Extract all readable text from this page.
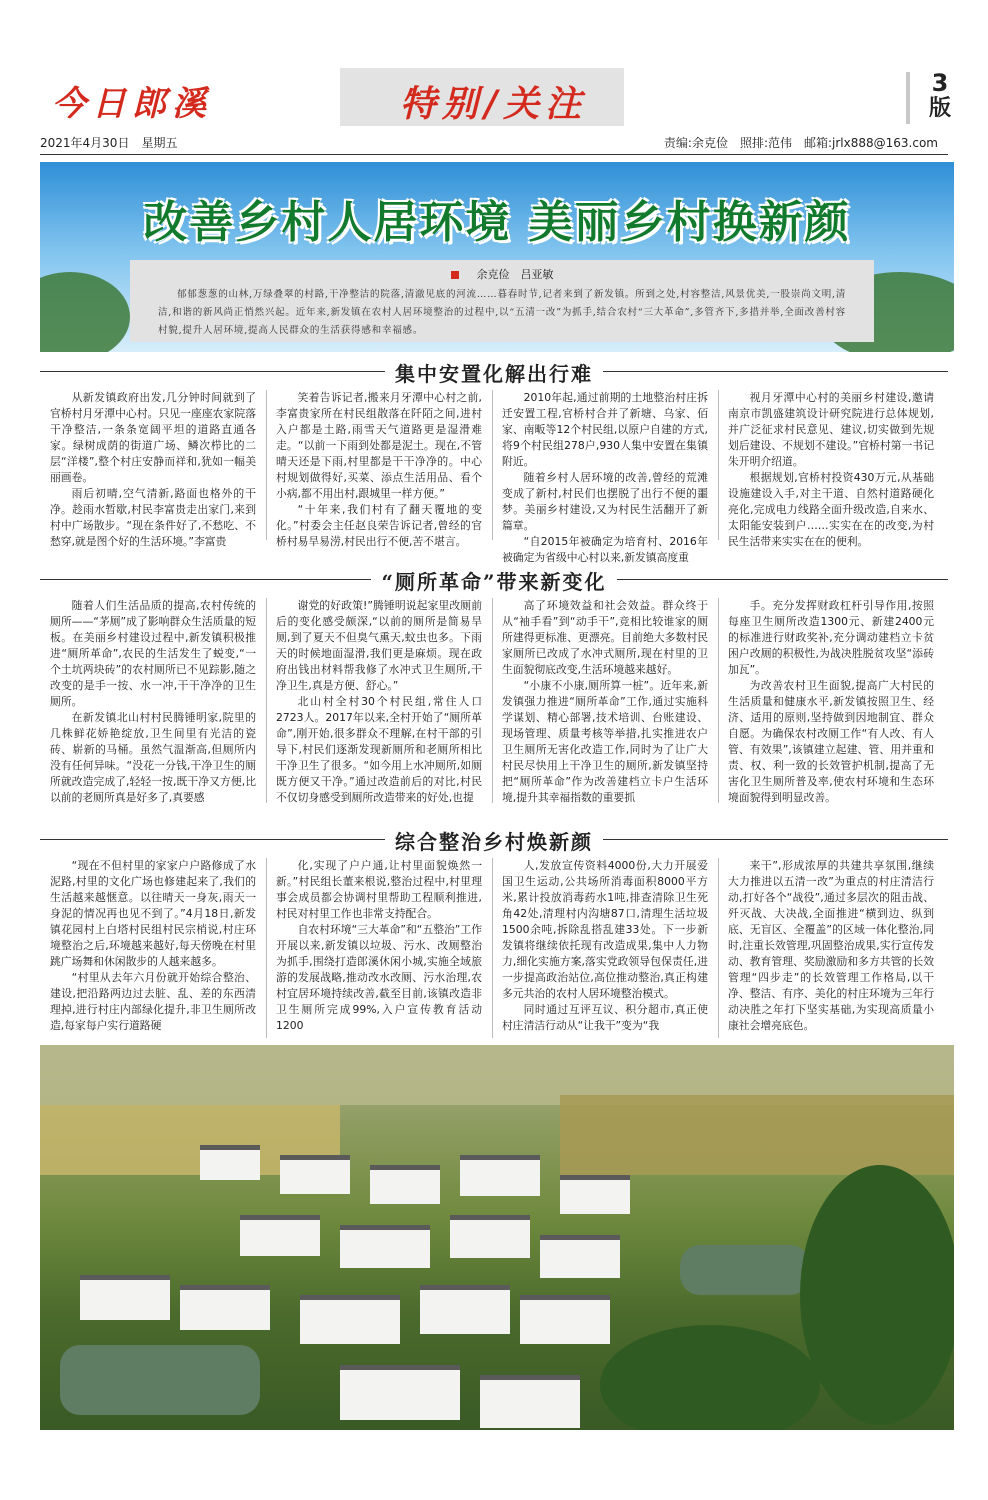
今日郎溪	特别/关注	3
版
2021年4月30日　星期五	责编:余克俭　照排:范伟　邮箱:jrlx888@163.com
改善乡村人居环境 美丽乡村换新颜
余克俭　吕亚敏
郁郁葱葱的山林,万绿叠翠的村路,干净整洁的院落,清澈见底的河流……暮春时节,记者来到了新发镇。所到之处,村容整洁,风景优美,一股崇尚文明,清洁,和谐的新风尚正悄然兴起。近年来,新发镇在农村人居环境整治的过程中,以“五清一改”为抓手,结合农村“三大革命”,多管齐下,多措并举,全面改善村容村貌,提升人居环境,提高人民群众的生活获得感和幸福感。
集中安置化解出行难

从新发镇政府出发,几分钟时间就到了官桥村月牙潭中心村。只见一座座农家院落干净整洁,一条条宽阔平坦的道路直通各家。绿树成荫的街道广场、鳞次栉比的二层“洋楼”,整个村庄安静而祥和,犹如一幅美丽画卷。

雨后初晴,空气清新,路面也格外的干净。趁雨水暂歇,村民李富贵走出家门,来到村中广场散步。“现在条件好了,不愁吃、不愁穿,就是图个好的生活环境。”李富贵

笑着告诉记者,搬来月牙潭中心村之前,李富贵家所在村民组散落在阡陌之间,进村入户都是土路,雨雪天气道路更是湿滑难走。“以前一下雨到处都是泥土。现在,不管晴天还是下雨,村里都是干干净净的。中心村规划做得好,买菜、添点生活用品、看个小病,都不用出村,跟城里一样方便。”

“十年来,我们村有了翻天覆地的变化。”村委会主任赵良荣告诉记者,曾经的官桥村易旱易涝,村民出行不便,苦不堪言。

2010年起,通过前期的土地整治村庄拆迁安置工程,官桥村合并了新塘、乌家、佰家、南畈等12个村民组,以原户自建的方式,将9个村民组278户,930人集中安置在集镇附近。

随着乡村人居环境的改善,曾经的荒滩变成了新村,村民们也摆脱了出行不便的噩梦。美丽乡村建设,又为村民生活翻开了新篇章。

“自2015年被确定为培育村、2016年被确定为省级中心村以来,新发镇高度重

视月牙潭中心村的美丽乡村建设,邀请南京市凯盛建筑设计研究院进行总体规划,并广泛征求村民意见、建议,切实做到先规划后建设、不规划不建设。”官桥村第一书记朱开明介绍道。

根据规划,官桥村投资430万元,从基础设施建设入手,对主干道、自然村道路硬化亮化,完成电力线路全面升级改造,自来水、太阳能安装到户……实实在在的改变,为村民生活带来实实在在的便利。

“厕所革命”带来新变化

随着人们生活品质的提高,农村传统的厕所——“茅厕”成了影响群众生活质量的短板。在美丽乡村建设过程中,新发镇积极推进“厕所革命”,农民的生活发生了蜕变,“一个土坑两块砖”的农村厕所已不见踪影,随之改变的是手一按、水一冲,干干净净的卫生厕所。

在新发镇北山村村民腾锤明家,院里的几株鲜花娇艳绽放,卫生间里有光洁的瓷砖、崭新的马桶。虽然气温渐高,但厕所内没有任何异味。“没花一分钱,干净卫生的厕所就改造完成了,轻轻一按,既干净又方便,比以前的老厕所真是好多了,真要感

谢党的好政策!”腾锤明说起家里改厕前后的变化感受颇深,“以前的厕所是简易旱厕,到了夏天不但臭气熏天,蚊虫也多。下雨天的时候地面湿滑,我们更是麻烦。现在政府出钱出材料帮我修了水冲式卫生厕所,干净卫生,真是方便、舒心。”

北山村全村30个村民组,常住人口2723人。2017年以来,全村开始了“厕所革命”,刚开始,很多群众不理解,在村干部的引导下,村民们逐渐发现新厕所和老厕所相比干净卫生了很多。“如今用上水冲厕所,如厕既方便又干净。”通过改造前后的对比,村民不仅切身感受到厕所改造带来的好处,也提

高了环境效益和社会效益。群众终于从“袖手看”到“动手干”,竞相比较谁家的厕所建得更标准、更漂亮。目前绝大多数村民家厕所已改成了水冲式厕所,现在村里的卫生面貌彻底改变,生活环境越来越好。

“小康不小康,厕所算一桩”。近年来,新发镇强力推进“厕所革命”工作,通过实施科学谋划、精心部署,技术培训、台账建设、现场管理、质量考核等举措,扎实推进农户卫生厕所无害化改造工作,同时为了让广大村民尽快用上干净卫生的厕所,新发镇坚持把“厕所革命”作为改善建档立卡户生活环境,提升其幸福指数的重要抓

手。充分发挥财政杠杆引导作用,按照每座卫生厕所改造1300元、新建2400元的标准进行财政奖补,充分调动建档立卡贫困户改厕的积极性,为战决胜脱贫攻坚“添砖加瓦”。

为改善农村卫生面貌,提高广大村民的生活质量和健康水平,新发镇按照卫生、经济、适用的原则,坚持做到因地制宜、群众自愿。为确保农村改厕工作“有人改、有人管、有效果”,该镇建立起建、管、用并重和责、权、利一致的长效管护机制,提高了无害化卫生厕所普及率,使农村环境和生态环境面貌得到明显改善。

综合整治乡村焕新颜

“现在不但村里的家家户户路修成了水泥路,村里的文化广场也修建起来了,我们的生活越来越惬意。以往晴天一身灰,雨天一身泥的情况再也见不到了。”4月18日,新发镇花园村上白塔村民组村民宗梢说,村庄环境整治之后,环境越来越好,每天傍晚在村里跳广场舞和休闲散步的人越来越多。

“村里从去年六月份就开始综合整治、建设,把沿路两边过去脏、乱、差的东西清理掉,进行村庄内部绿化提升,非卫生厕所改造,每家每户实行道路硬

化,实现了户户通,让村里面貌焕然一新。”村民组长董来根说,整治过程中,村里理事会成员都会协调村里帮助工程顺利推进,村民对村里工作也非常支持配合。

自农村环境“三大革命”和“五整治”工作开展以来,新发镇以垃圾、污水、改厕整治为抓手,围绕打造郎溪休闲小城,实施全域旅游的发展战略,推动改水改厕、污水治理,农村宜居环境持续改善,截至目前,该镇改造非卫生厕所完成99%,入户宣传教育活动1200

人,发放宣传资料4000份,大力开展爱国卫生运动,公共场所消毒面积8000平方米,累计投放消毒药水1吨,排查清除卫生死角42处,清理村内沟塘87口,清理生活垃圾1500余吨,拆除乱搭乱建33处。下一步新发镇将继续依托现有改造成果,集中人力物力,细化实施方案,落实党政领导包保责任,进一步提高政治站位,高位推动整治,真正构建多元共治的农村人居环境整治模式。

同时通过互评互议、积分超市,真正使村庄清洁行动从“让我干”变为“我

来干”,形成浓厚的共建共享氛围,继续大力推进以五清一改”为重点的村庄清洁行动,打好各个“战役”,通过多层次的阻击战、歼灭战、大决战,全面推进“横到边、纵到底、无盲区、全覆盖”的区域一体化整治,同时,注重长效管理,巩固整治成果,实行宣传发动、教育管理、奖励激励和多方共管的长效管理“四步走”的长效管理工作格局,以干净、整洁、有序、美化的村庄环境为三年行动决胜之年打下坚实基础,为实现高质量小康社会增亮底色。
